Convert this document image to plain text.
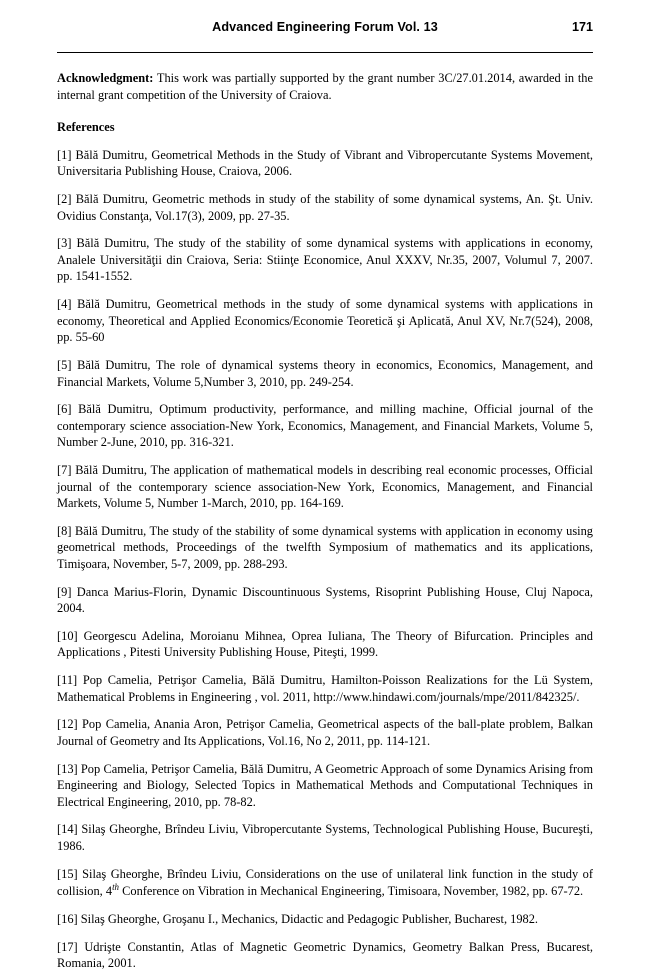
Advanced Engineering Forum Vol. 13	171

Acknowledgment: This work was partially supported by the grant number 3C/27.01.2014, awarded in the internal grant competition of the University of Craiova.

References

[1] Bălă Dumitru, Geometrical Methods in the Study of Vibrant and Vibropercutante Systems Movement, Universitaria Publishing House, Craiova, 2006.

[2] Bălă Dumitru, Geometric methods in study of the stability of some dynamical systems, An. Şt. Univ. Ovidius Constanţa, Vol.17(3), 2009, pp. 27-35.

[3] Bălă Dumitru, The study of the stability of some dynamical systems with applications in economy, Analele Universităţii din Craiova, Seria: Stiinţe Economice, Anul XXXV, Nr.35, 2007, Volumul 7, 2007. pp. 1541-1552.

[4] Bălă Dumitru, Geometrical methods in the study of some dynamical systems with applications in economy, Theoretical and Applied Economics/Economie Teoretică şi Aplicată, Anul XV, Nr.7(524), 2008, pp. 55-60

[5] Bălă Dumitru, The role of dynamical systems theory in economics, Economics, Management, and Financial Markets, Volume 5,Number 3, 2010, pp. 249-254.

[6] Bălă Dumitru, Optimum productivity, performance, and milling machine, Official journal of the contemporary science association-New York, Economics, Management, and Financial Markets, Volume 5, Number 2-June, 2010, pp. 316-321.

[7] Bălă Dumitru, The application of mathematical models in describing real economic processes, Official journal of the contemporary science association-New York, Economics, Management, and Financial Markets, Volume 5, Number 1-March, 2010, pp. 164-169.

[8] Bălă Dumitru, The study of the stability of some dynamical systems with application in economy using geometrical methods, Proceedings of the twelfth Symposium of mathematics and its applications, Timişoara, November, 5-7, 2009, pp. 288-293.

[9] Danca Marius-Florin, Dynamic Discountinuous Systems, Risoprint Publishing House, Cluj Napoca, 2004.

[10] Georgescu Adelina, Moroianu Mihnea, Oprea Iuliana, The Theory of Bifurcation. Principles and Applications , Pitesti University Publishing House, Piteşti, 1999.

[11] Pop Camelia, Petrişor Camelia, Bălă Dumitru, Hamilton-Poisson Realizations for the Lü System, Mathematical Problems in Engineering , vol. 2011, http://www.hindawi.com/journals/mpe/2011/842325/.

[12] Pop Camelia, Anania Aron, Petrişor Camelia, Geometrical aspects of the ball-plate problem, Balkan Journal of Geometry and Its Applications, Vol.16, No 2, 2011, pp. 114-121.

[13] Pop Camelia, Petrişor Camelia, Bălă Dumitru, A Geometric Approach of some Dynamics Arising from Engineering and Biology, Selected Topics in Mathematical Methods and Computational Techniques in Electrical Engineering, 2010, pp. 78-82.

[14] Silaş Gheorghe, Brîndeu Liviu, Vibropercutante Systems, Technological Publishing House, Bucureşti, 1986.

[15] Silaş Gheorghe, Brîndeu Liviu, Considerations on the use of unilateral link function in the study of collision, 4th Conference on Vibration in Mechanical Engineering, Timisoara, November, 1982, pp. 67-72.

[16] Silaş Gheorghe, Groşanu I., Mechanics, Didactic and Pedagogic Publisher, Bucharest, 1982.

[17] Udrişte Constantin, Atlas of Magnetic Geometric Dynamics, Geometry Balkan Press, Bucarest, Romania, 2001.
